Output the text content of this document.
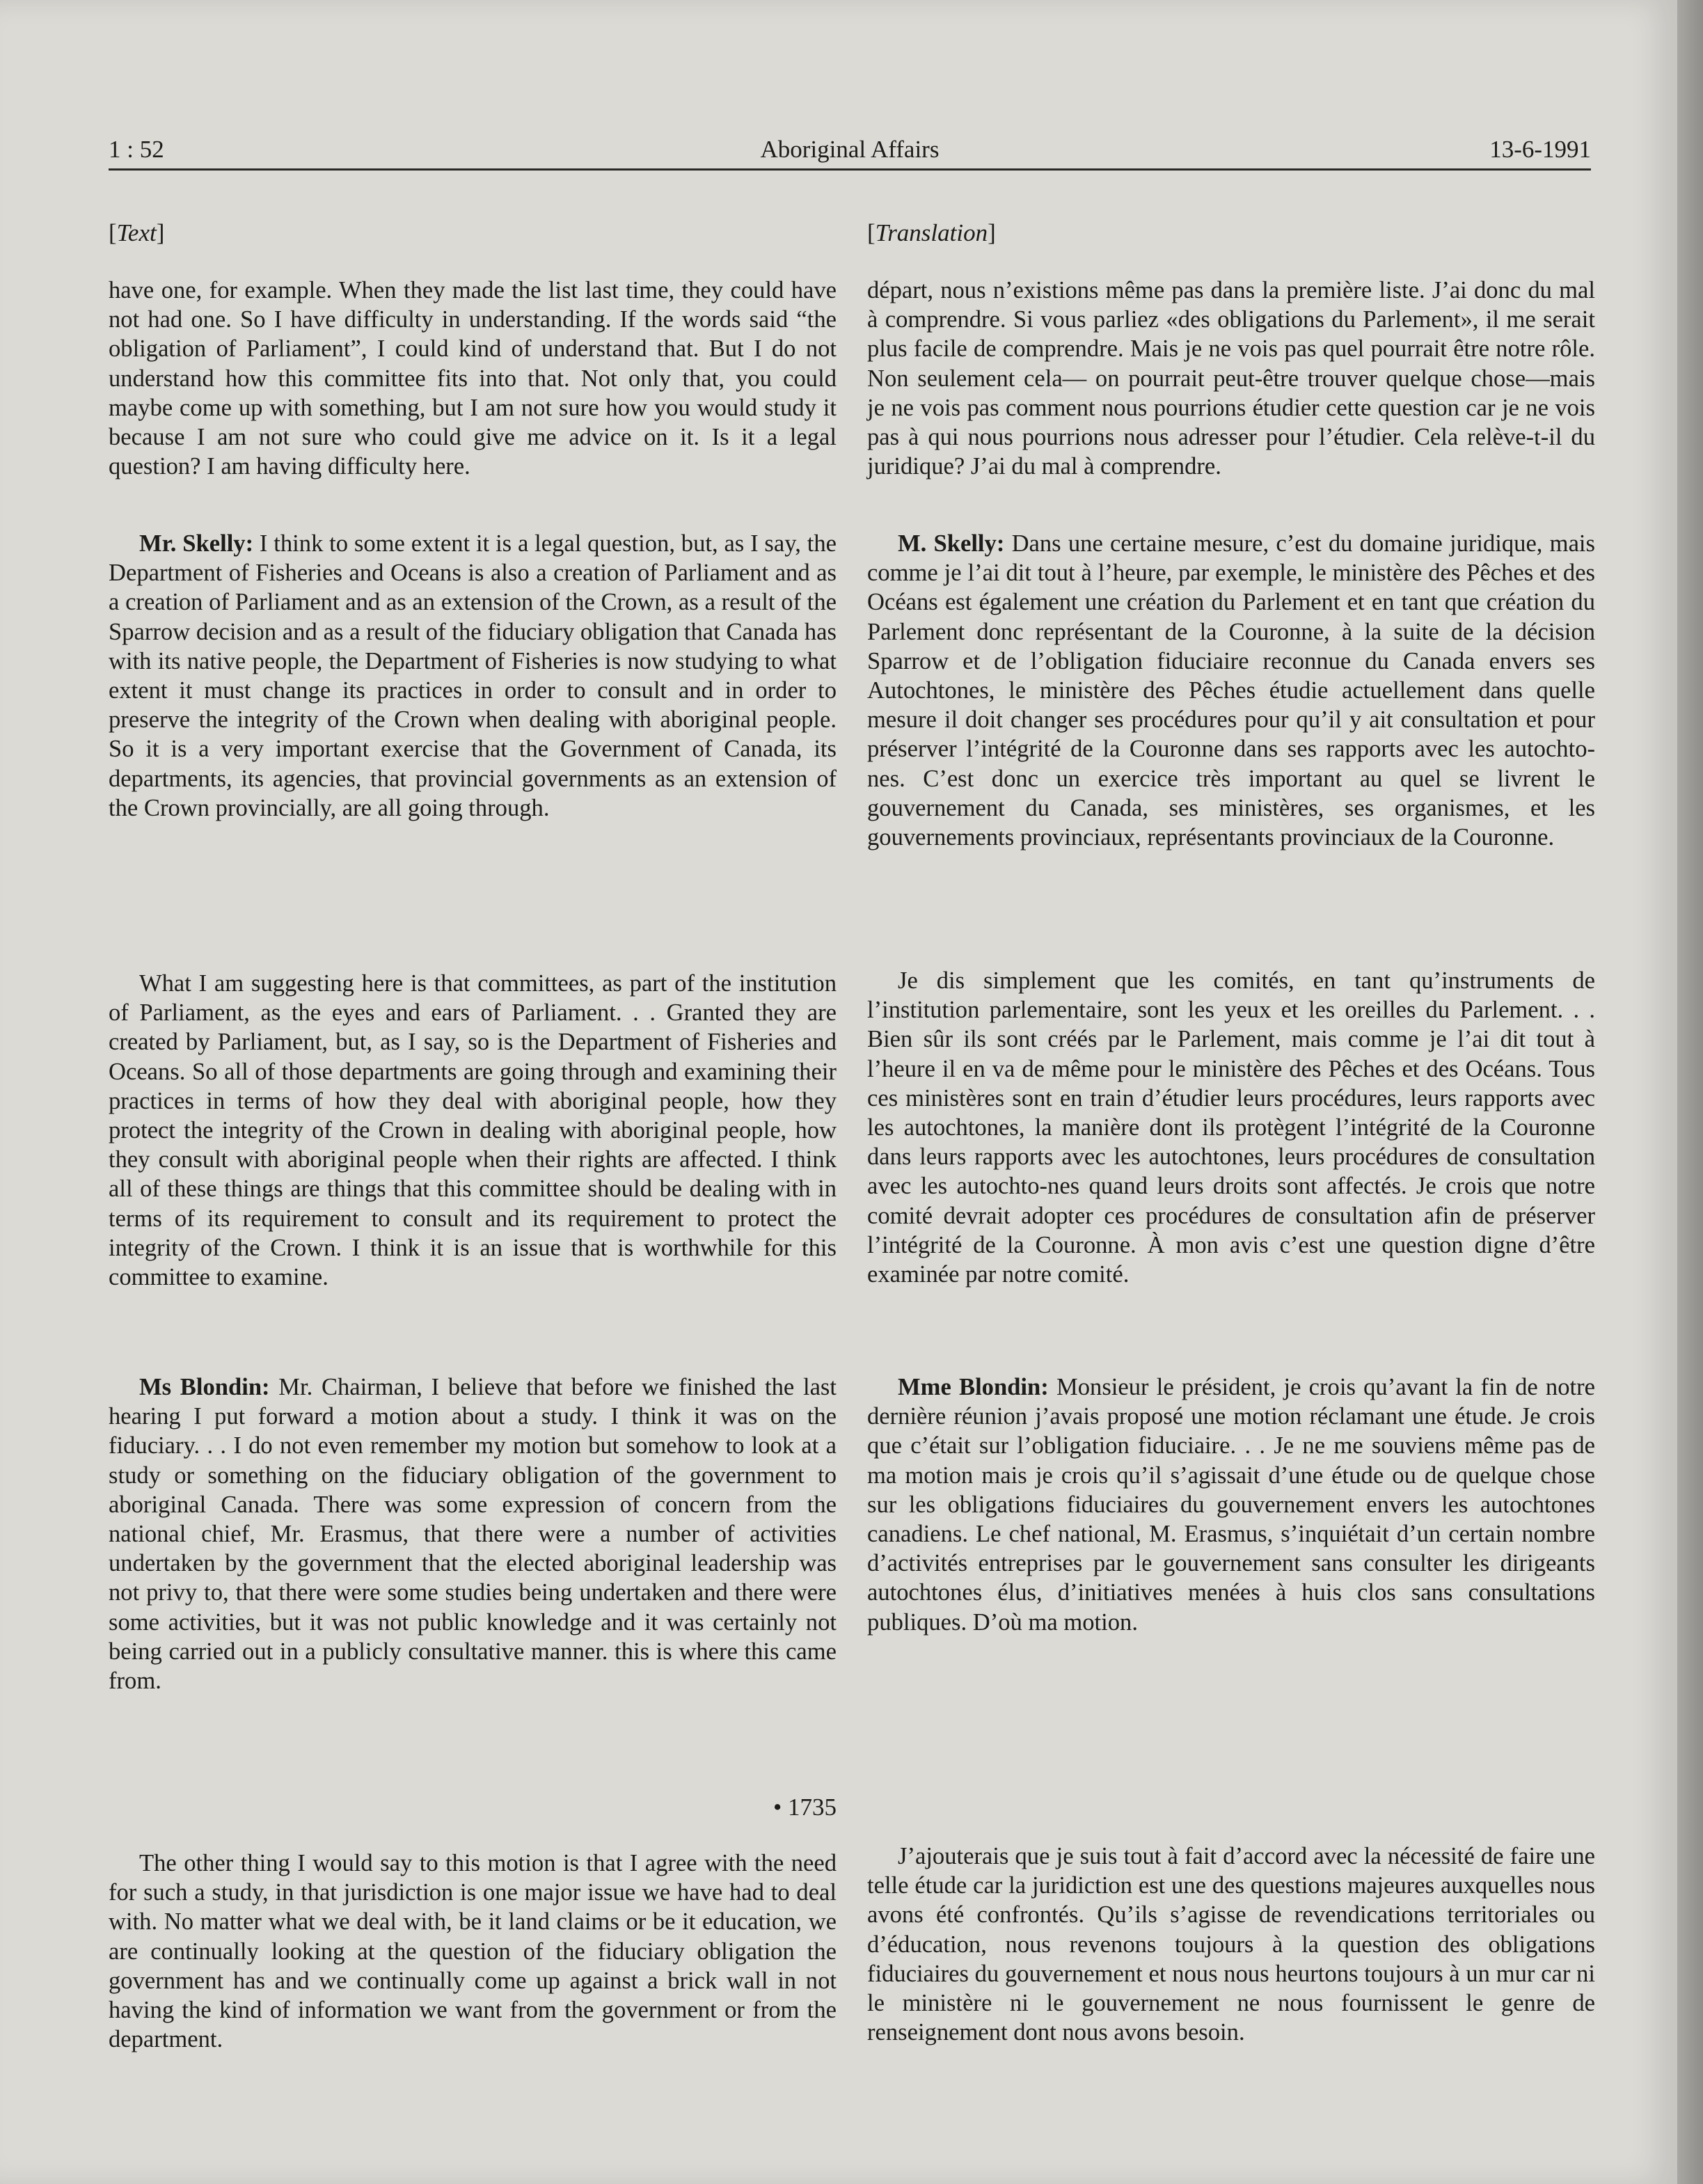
1 : 52	Aboriginal Affairs	13-6-1991
[Text]	[Translation]

have one, for example. When they made the list last time, they could have not had one. So I have difficulty in understanding. If the words said “the obligation of Parliament”, I could kind of understand that. But I do not understand how this committee fits into that. Not only that, you could maybe come up with something, but I am not sure how you would study it because I am not sure who could give me advice on it. Is it a legal question? I am having difficulty here.

Mr. Skelly: I think to some extent it is a legal question, but, as I say, the Department of Fisheries and Oceans is also a creation of Parliament and as a creation of Parliament and as an extension of the Crown, as a result of the Sparrow decision and as a result of the fiduciary obligation that Canada has with its native people, the Department of Fisheries is now studying to what extent it must change its practices in order to consult and in order to preserve the integrity of the Crown when dealing with aboriginal people. So it is a very important exercise that the Government of Canada, its departments, its agencies, that provincial governments as an extension of the Crown provincially, are all going through.

What I am suggesting here is that committees, as part of the institution of Parliament, as the eyes and ears of Parliament. . . Granted they are created by Parliament, but, as I say, so is the Department of Fisheries and Oceans. So all of those departments are going through and examining their practices in terms of how they deal with aboriginal people, how they protect the integrity of the Crown in dealing with aboriginal people, how they consult with aboriginal people when their rights are affected. I think all of these things are things that this committee should be dealing with in terms of its requirement to consult and its requirement to protect the integrity of the Crown. I think it is an issue that is worthwhile for this committee to examine.

Ms Blondin: Mr. Chairman, I believe that before we finished the last hearing I put forward a motion about a study. I think it was on the fiduciary. . . I do not even remember my motion but somehow to look at a study or something on the fiduciary obligation of the government to aboriginal Canada. There was some expression of concern from the national chief, Mr. Erasmus, that there were a number of activities undertaken by the government that the elected aboriginal leadership was not privy to, that there were some studies being undertaken and there were some activities, but it was not public knowledge and it was certainly not being carried out in a publicly consultative manner. this is where this came from.

• 1735

The other thing I would say to this motion is that I agree with the need for such a study, in that jurisdiction is one major issue we have had to deal with. No matter what we deal with, be it land claims or be it education, we are continually looking at the question of the fiduciary obligation the government has and we continually come up against a brick wall in not having the kind of information we want from the government or from the department.

départ, nous n’existions même pas dans la première liste. J’ai donc du mal à comprendre. Si vous parliez «des obligations du Parlement», il me serait plus facile de comprendre. Mais je ne vois pas quel pourrait être notre rôle. Non seulement cela— on pourrait peut-être trouver quelque chose—mais je ne vois pas comment nous pourrions étudier cette question car je ne vois pas à qui nous pourrions nous adresser pour l’étudier. Cela relève-t-il du juridique? J’ai du mal à comprendre.

M. Skelly: Dans une certaine mesure, c’est du domaine juridique, mais comme je l’ai dit tout à l’heure, par exemple, le ministère des Pêches et des Océans est également une création du Parlement et en tant que création du Parlement donc représentant de la Couronne, à la suite de la décision Sparrow et de l’obligation fiduciaire reconnue du Canada envers ses Autochtones, le ministère des Pêches étudie actuellement dans quelle mesure il doit changer ses procédures pour qu’il y ait consultation et pour préserver l’intégrité de la Couronne dans ses rapports avec les autochto-nes. C’est donc un exercice très important au quel se livrent le gouvernement du Canada, ses ministères, ses organismes, et les gouvernements provinciaux, représentants provinciaux de la Couronne.

Je dis simplement que les comités, en tant qu’instruments de l’institution parlementaire, sont les yeux et les oreilles du Parlement. . . Bien sûr ils sont créés par le Parlement, mais comme je l’ai dit tout à l’heure il en va de même pour le ministère des Pêches et des Océans. Tous ces ministères sont en train d’étudier leurs procédures, leurs rapports avec les autochtones, la manière dont ils protègent l’intégrité de la Couronne dans leurs rapports avec les autochtones, leurs procédures de consultation avec les autochto-nes quand leurs droits sont affectés. Je crois que notre comité devrait adopter ces procédures de consultation afin de préserver l’intégrité de la Couronne. À mon avis c’est une question digne d’être examinée par notre comité.

Mme Blondin: Monsieur le président, je crois qu’avant la fin de notre dernière réunion j’avais proposé une motion réclamant une étude. Je crois que c’était sur l’obligation fiduciaire. . . Je ne me souviens même pas de ma motion mais je crois qu’il s’agissait d’une étude ou de quelque chose sur les obligations fiduciaires du gouvernement envers les autochtones canadiens. Le chef national, M. Erasmus, s’inquiétait d’un certain nombre d’activités entreprises par le gouvernement sans consulter les dirigeants autochtones élus, d’initiatives menées à huis clos sans consultations publiques. D’où ma motion.

J’ajouterais que je suis tout à fait d’accord avec la nécessité de faire une telle étude car la juridiction est une des questions majeures auxquelles nous avons été confrontés. Qu’ils s’agisse de revendications territoriales ou d’éducation, nous revenons toujours à la question des obligations fiduciaires du gouvernement et nous nous heurtons toujours à un mur car ni le ministère ni le gouvernement ne nous fournissent le genre de renseignement dont nous avons besoin.
